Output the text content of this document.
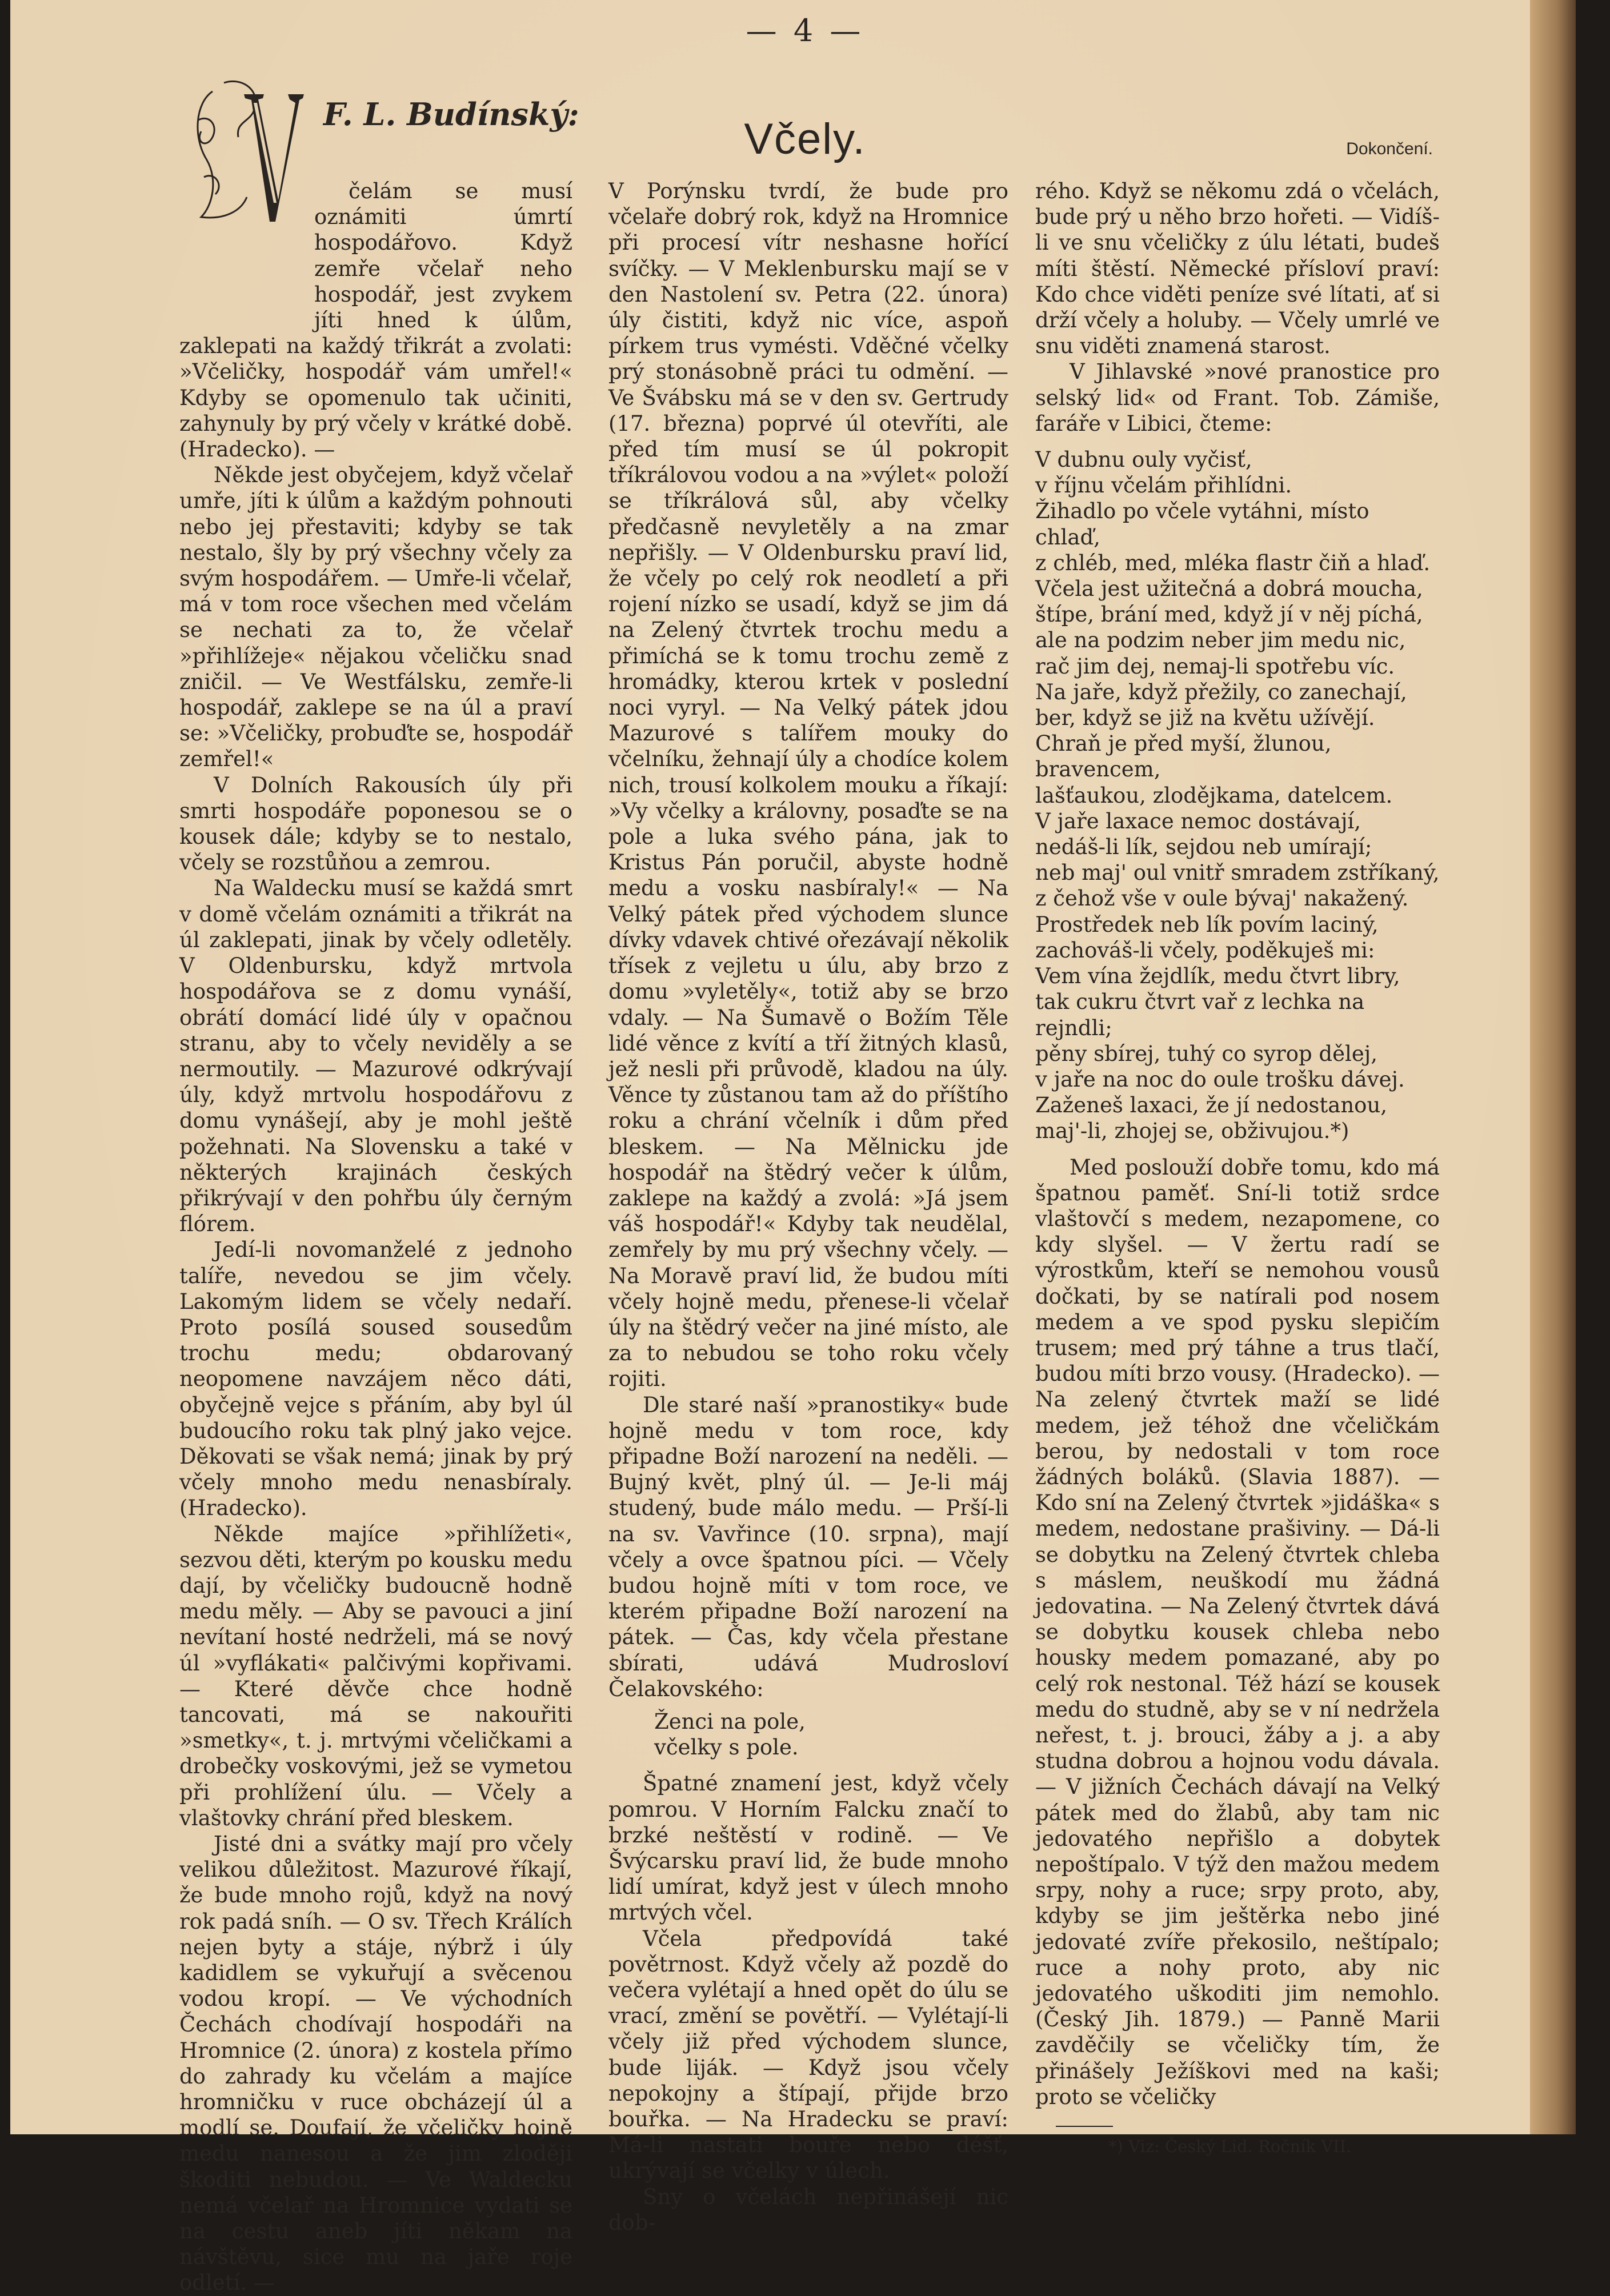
— 4 —
F. L. Budínský:
Včely.	Dokončení.

čelám se musí oznámiti úmrtí hospodářovo. Když zemře včelař neho hospodář, jest zvykem jíti hned k úlům, zaklepati na každý třikrát a zvolati: »Včeličky, hospodář vám umřel!« Kdyby se opomenulo tak učiniti, zahynuly by prý včely v krátké době. (Hradecko). —

Někde jest obyčejem, když včelař umře, jíti k úlům a každým pohnouti nebo jej přestaviti; kdyby se tak nestalo, šly by prý všechny včely za svým hospodářem. — Umře-li včelař, má v tom roce všechen med včelám se nechati za to, že včelař »přihlížeje« nějakou včeličku snad zničil. — Ve Westfálsku, zemře-li hospodář, zaklepe se na úl a praví se: »Včeličky, probuďte se, hospodář zemřel!«

V Dolních Rakousích úly při smrti hospodáře poponesou se o kousek dále; kdyby se to nestalo, včely se rozstůňou a zemrou.

Na Waldecku musí se každá smrt v domě včelám oznámiti a třikrát na úl zaklepati, jinak by včely odletěly. V Oldenbursku, když mrtvola hospodářova se z domu vynáší, obrátí domácí lidé úly v opačnou stranu, aby to včely neviděly a se nermoutily. — Mazurové odkrývají úly, když mrtvolu hospodářovu z domu vynášejí, aby je mohl ještě požehnati. Na Slovensku a také v některých krajinách českých přikrývají v den pohřbu úly černým flórem.

Jedí-li novomanželé z jednoho talíře, nevedou se jim včely. Lakomým lidem se včely nedaří. Proto posílá soused sousedům trochu medu; obdarovaný neopomene navzájem něco dáti, obyčejně vejce s přáním, aby byl úl budoucího roku tak plný jako vejce. Děkovati se však nemá; jinak by prý včely mnoho medu nenasbíraly. (Hradecko).

Někde majíce »přihlížeti«, sezvou děti, kterým po kousku medu dají, by včeličky budoucně hodně medu měly. — Aby se pavouci a jiní nevítaní hosté nedrželi, má se nový úl »vyflákati« palčivými kopřivami. — Které děvče chce hodně tancovati, má se nakouřiti »smetky«, t. j. mrtvými včeličkami a drobečky voskovými, jež se vymetou při prohlížení úlu. — Včely a vlaštovky chrání před bleskem.

Jisté dni a svátky mají pro včely velikou důležitost. Mazurové říkají, že bude mnoho rojů, když na nový rok padá sníh. — O sv. Třech Králích nejen byty a stáje, nýbrž i úly kadidlem se vykuřují a svěcenou vodou kropí. — Ve východních Čechách chodívají hospodáři na Hromnice (2. února) z kostela přímo do zahrady ku včelám a majíce hromničku v ruce obcházejí úl a modlí se. Doufají, že včeličky hojně medu nanesou a že jim zloději škoditi nebudou. — Ve Waldecku nemá včelař na Hromnice vydati se na cestu aneb jíti někam na návštěvu, sice mu na jaře roje odletí. —

V Porýnsku tvrdí, že bude pro včelaře dobrý rok, když na Hromnice při procesí vítr neshasne hořící svíčky. — V Meklenbursku mají se v den Nastolení sv. Petra (22. února) úly čistiti, když nic více, aspoň pírkem trus vymésti. Vděčné včelky prý stonásobně práci tu odmění. — Ve Švábsku má se v den sv. Gertrudy (17. března) poprvé úl otevříti, ale před tím musí se úl pokropit tříkrálovou vodou a na »výlet« položí se tříkrálová sůl, aby včelky předčasně nevyletěly a na zmar nepřišly. — V Oldenbursku praví lid, že včely po celý rok neodletí a při rojení nízko se usadí, když se jim dá na Zelený čtvrtek trochu medu a přimíchá se k tomu trochu země z hromádky, kterou krtek v poslední noci vyryl. — Na Velký pátek jdou Mazurové s talířem mouky do včelníku, žehnají úly a chodíce kolem nich, trousí kolkolem mouku a říkají: »Vy včelky a královny, posaďte se na pole a luka svého pána, jak to Kristus Pán poručil, abyste hodně medu a vosku nasbíraly!« — Na Velký pátek před východem slunce dívky vdavek chtivé ořezávají několik třísek z vejletu u úlu, aby brzo z domu »vyletěly«, totiž aby se brzo vdaly. — Na Šumavě o Božím Těle lidé věnce z kvítí a tří žitných klasů, jež nesli při průvodě, kladou na úly. Věnce ty zůstanou tam až do příštího roku a chrání včelník i dům před bleskem. — Na Mělnicku jde hospodář na štědrý večer k úlům, zaklepe na každý a zvolá: »Já jsem váš hospodář!« Kdyby tak neudělal, zemřely by mu prý všechny včely. — Na Moravě praví lid, že budou míti včely hojně medu, přenese-li včelař úly na štědrý večer na jiné místo, ale za to nebudou se toho roku včely rojiti.

Dle staré naší »pranostiky« bude hojně medu v tom roce, kdy připadne Boží narození na neděli. — Bujný květ, plný úl. — Je-li máj studený, bude málo medu. — Prší-li na sv. Vavřince (10. srpna), mají včely a ovce špatnou píci. — Včely budou hojně míti v tom roce, ve kterém připadne Boží narození na pátek. — Čas, kdy včela přestane sbírati, udává Mudrosloví Čelakovského:

Ženci na pole,
včelky s pole.

Špatné znamení jest, když včely pomrou. V Horním Falcku značí to brzké neštěstí v rodině. — Ve Švýcarsku praví lid, že bude mnoho lidí umírat, když jest v úlech mnoho mrtvých včel.

Včela předpovídá také povětrnost. Když včely až pozdě do večera vylétají a hned opět do úlu se vrací, změní se povětří. — Vylétají-li včely již před východem slunce, bude liják. — Když jsou včely nepokojny a štípají, přijde brzo bouřka. — Na Hradecku se praví: Má-li nastati bouře nebo déšť, ukrývají se včelky v úlech.

Sny o včelách nepřinášejí nic dob-

rého. Když se někomu zdá o včelách, bude prý u něho brzo hořeti. — Vidíš-li ve snu včeličky z úlu létati, budeš míti štěstí. Německé přísloví praví: Kdo chce viděti peníze své lítati, ať si drží včely a holuby. — Včely umrlé ve snu viděti znamená starost.

V Jihlavské »nové pranostice pro selský lid« od Frant. Tob. Zámiše, faráře v Libici, čteme:

V dubnu ouly vyčisť,
v říjnu včelám přihlídni.
Žihadlo po včele vytáhni, místo chlaď,
z chléb, med, mléka flastr čiň a hlaď.
Včela jest užitečná a dobrá moucha,
štípe, brání med, když jí v něj píchá,
ale na podzim neber jim medu nic,
rač jim dej, nemaj-li spotřebu víc.
Na jaře, když přežily, co zanechají,
ber, když se již na květu užívějí.
Chraň je před myší, žlunou, bravencem,
lašťaukou, zlodějkama, datelcem.
V jaře laxace nemoc dostávají,
nedáš-li lík, sejdou neb umírají;
neb maj' oul vnitř smradem zstříkaný,
z čehož vše v oule bývaj' nakažený.
Prostředek neb lík povím laciný,
zachováš-li včely, poděkuješ mi:
Vem vína žejdlík, medu čtvrt libry,
tak cukru čtvrt vař z lechka na rejndli;
pěny sbírej, tuhý co syrop dělej,
v jaře na noc do oule trošku dávej.
Zaženeš laxaci, že jí nedostanou,
maj'-li, zhojej se, obživujou.*)

Med poslouží dobře tomu, kdo má špatnou paměť. Sní-li totiž srdce vlaštovčí s medem, nezapomene, co kdy slyšel. — V žertu radí se výrostkům, kteří se nemohou vousů dočkati, by se natírali pod nosem medem a ve spod pysku slepičím trusem; med prý táhne a trus tlačí, budou míti brzo vousy. (Hradecko). — Na zelený čtvrtek maží se lidé medem, jež téhož dne včeličkám berou, by nedostali v tom roce žádných boláků. (Slavia 1887). — Kdo sní na Zelený čtvrtek »jidáška« s medem, nedostane prašiviny. — Dá-li se dobytku na Zelený čtvrtek chleba s máslem, neuškodí mu žádná jedovatina. — Na Zelený čtvrtek dává se dobytku kousek chleba nebo housky medem pomazané, aby po celý rok nestonal. Též hází se kousek medu do studně, aby se v ní nedržela neřest, t. j. brouci, žáby a j. a aby studna dobrou a hojnou vodu dávala. — V jižních Čechách dávají na Velký pátek med do žlabů, aby tam nic jedovatého nepřišlo a dobytek nepoštípalo. V týž den mažou medem srpy, nohy a ruce; srpy proto, aby, kdyby se jim ještěrka nebo jiné jedovaté zvíře překosilo, neštípalo; ruce a nohy proto, aby nic jedovatého uškoditi jim nemohlo. (Český Jih. 1879.) — Panně Marii zavděčily se včeličky tím, že přinášely Ježíškovi med na kaši; proto se včeličky

*) Viz: Český Lid. Ročník VII.
